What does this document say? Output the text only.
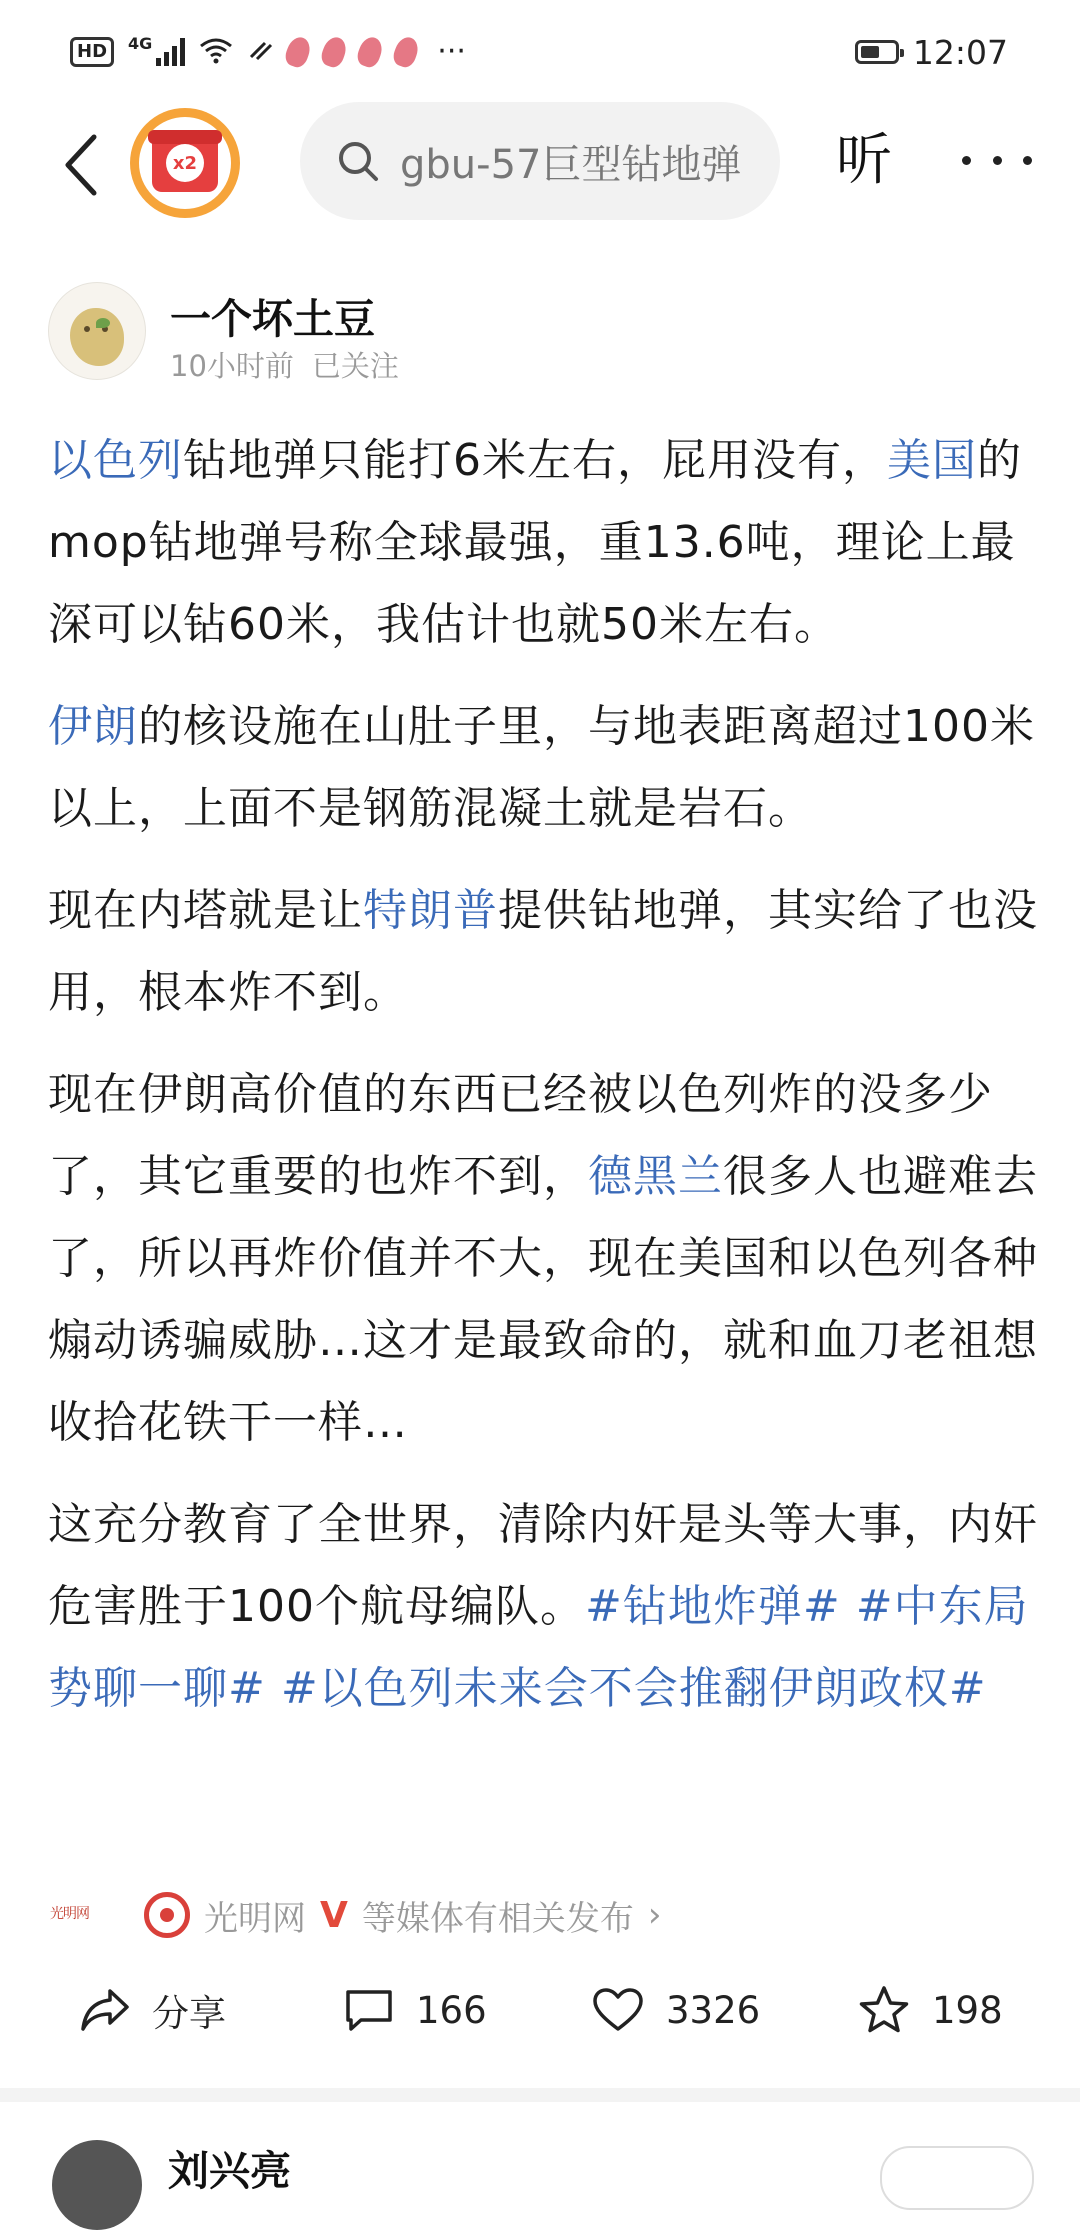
HD	4G	···	12:07
x2	gbu-57巨型钻地弹	听
一个坏土豆
10小时前 已关注

以色列钻地弹只能打6米左右，屁用没有，美国的mop钻地弹号称全球最强，重13.6吨，理论上最深可以钻60米，我估计也就50米左右。

伊朗的核设施在山肚子里，与地表距离超过100米以上，上面不是钢筋混凝土就是岩石。

现在内塔就是让特朗普提供钻地弹，其实给了也没用，根本炸不到。

现在伊朗高价值的东西已经被以色列炸的没多少了，其它重要的也炸不到，德黑兰很多人也避难去了，所以再炸价值并不大，现在美国和以色列各种煽动诱骗威胁…这才是最致命的，就和血刀老祖想收拾花铁干一样…

这充分教育了全世界，清除内奸是头等大事，内奸危害胜于100个航母编队。#钻地炸弹# #中东局势聊一聊# #以色列未来会不会推翻伊朗政权#

光明网	光明网 V 等媒体有相关发布 ›
分享	166	3326	198
刘兴亮
